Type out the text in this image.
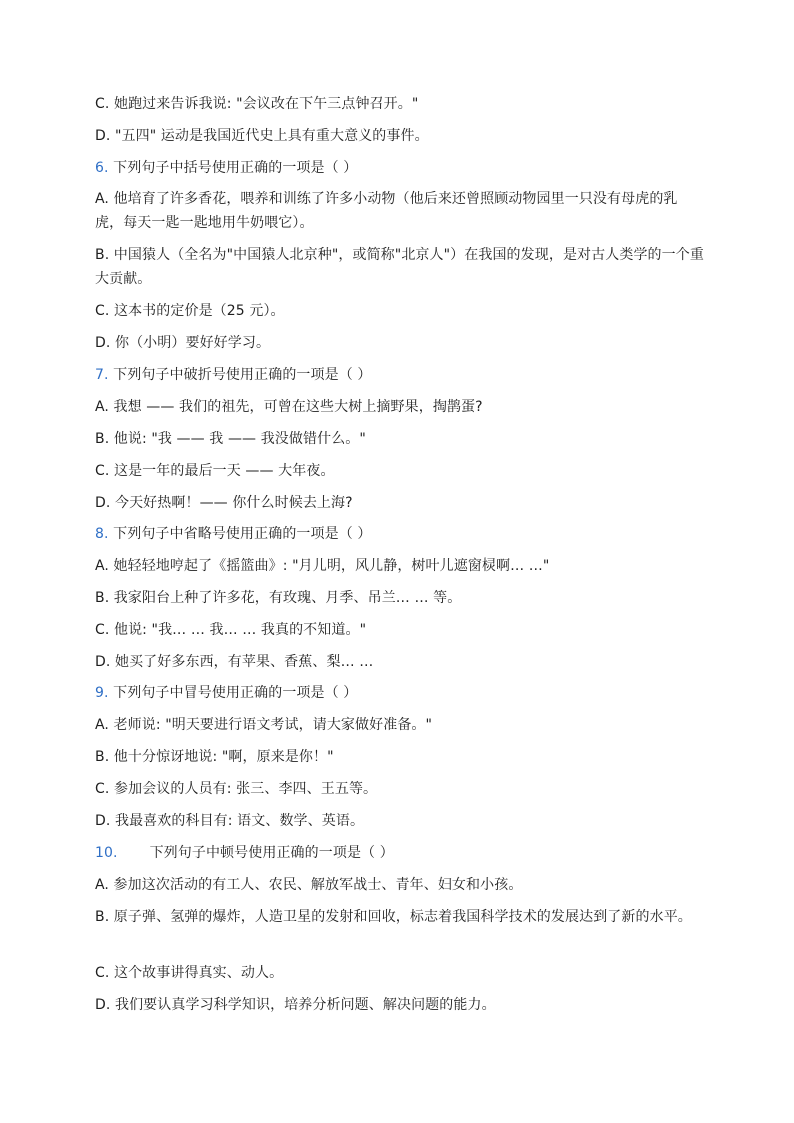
C. 她跑过来告诉我说: "会议改在下午三点钟召开。"
D. "五四" 运动是我国近代史上具有重大意义的事件。
6. 下列句子中括号使用正确的一项是（ ）
A. 他培育了许多香花，喂养和训练了许多小动物（他后来还曾照顾动物园里一只没有母虎的乳虎，每天一匙一匙地用牛奶喂它）。
B. 中国猿人（全名为"中国猿人北京种"，或简称"北京人"）在我国的发现，是对古人类学的一个重大贡献。
C. 这本书的定价是（25 元）。
D. 你（小明）要好好学习。
7. 下列句子中破折号使用正确的一项是（ ）
A. 我想 —— 我们的祖先，可曾在这些大树上摘野果，掏鹊蛋?
B. 他说: "我 —— 我 —— 我没做错什么。"
C. 这是一年的最后一天 —— 大年夜。
D. 今天好热啊！—— 你什么时候去上海?
8. 下列句子中省略号使用正确的一项是（ ）
A. 她轻轻地哼起了《摇篮曲》: "月儿明，风儿静，树叶儿遮窗棂啊… …"
B. 我家阳台上种了许多花，有玫瑰、月季、吊兰… … 等。
C. 他说: "我… … 我… … 我真的不知道。"
D. 她买了好多东西，有苹果、香蕉、梨… …
9. 下列句子中冒号使用正确的一项是（ ）
A. 老师说: "明天要进行语文考试，请大家做好准备。"
B. 他十分惊讶地说: "啊，原来是你！"
C. 参加会议的人员有: 张三、李四、王五等。
D. 我最喜欢的科目有: 语文、数学、英语。
10. 下列句子中顿号使用正确的一项是（ ）
A. 参加这次活动的有工人、农民、解放军战士、青年、妇女和小孩。
B. 原子弹、氢弹的爆炸，人造卫星的发射和回收，标志着我国科学技术的发展达到了新的水平。
C. 这个故事讲得真实、动人。
D. 我们要认真学习科学知识，培养分析问题、解决问题的能力。
